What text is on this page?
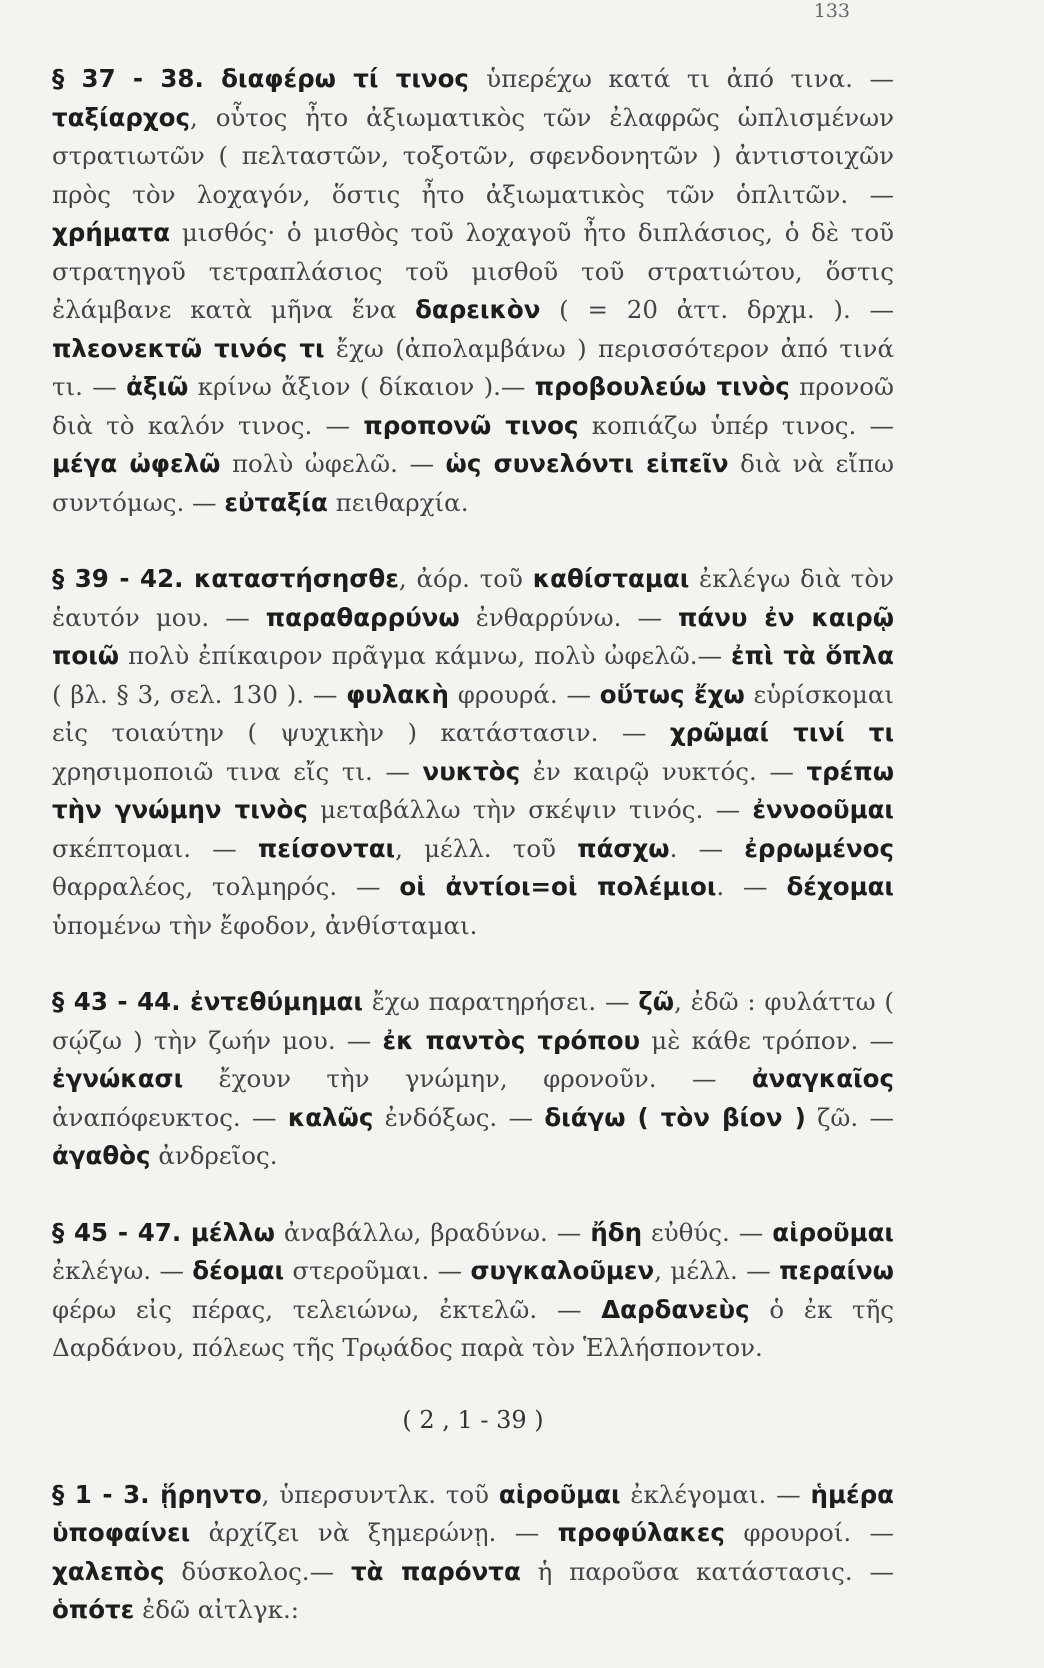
133

§ 37 - 38. διαφέρω τί τινος ὑπερέχω κατά τι ἀπό τινα. — ταξίαρχος, οὗτος ἦτο ἀξιωματικὸς τῶν ἐλαφρῶς ὡπλισμένων στρατιωτῶν ( πελταστῶν, τοξοτῶν, σφενδονητῶν ) ἀντιστοιχῶν πρὸς τὸν λοχαγόν, ὅστις ἦτο ἀξιωματικὸς τῶν ὁπλιτῶν. — χρήματα μισθός· ὁ μισθὸς τοῦ λοχαγοῦ ἦτο διπλάσιος, ὁ δὲ τοῦ στρατηγοῦ τετραπλάσιος τοῦ μισθοῦ τοῦ στρατιώτου, ὅστις ἐλάμβανε κατὰ μῆνα ἕνα δαρεικὸν ( = 20 ἀττ. δρχμ. ). — πλεονεκτῶ τινός τι ἔχω (ἀπολαμβάνω ) περισσότερον ἀπό τινά τι. — ἀξιῶ κρίνω ἄξιον ( δίκαιον ).— προβουλεύω τινὸς προνοῶ διὰ τὸ καλόν τινος. — προπονῶ τινος κοπιάζω ὑπέρ τινος. — μέγα ὠφελῶ πολὺ ὠφελῶ. — ὡς συνελόντι εἰπεῖν διὰ νὰ εἴπω συντόμως. — εὐταξία πειθαρχία.

§ 39 - 42. καταστήσησθε, ἀόρ. τοῦ καθίσταμαι ἐκλέγω διὰ τὸν ἑαυτόν μου. — παραθαρρύνω ἐνθαρρύνω. — πάνυ ἐν καιρῷ ποιῶ πολὺ ἐπίκαιρον πρᾶγμα κάμνω, πολὺ ὠφελῶ.— ἐπὶ τὰ ὅπλα ( βλ. § 3, σελ. 130 ). — φυλακὴ φρουρά. — οὕτως ἔχω εὑρίσκομαι εἰς τοιαύτην ( ψυχικὴν ) κατάστασιν. — χρῶμαί τινί τι χρησιμοποιῶ τινα εἴς τι. — νυκτὸς ἐν καιρῷ νυκτός. — τρέπω τὴν γνώμην τινὸς μεταβάλλω τὴν σκέψιν τινός. — ἐννοοῦμαι σκέπτομαι. — πείσονται, μέλλ. τοῦ πάσχω. — ἐρρωμένος θαρραλέος, τολμηρός. — οἱ ἀντίοι=οἱ πολέμιοι. — δέχομαι ὑπομένω τὴν ἔφοδον, ἀνθίσταμαι.

§ 43 - 44. ἐντεθύμημαι ἔχω παρατηρήσει. — ζῶ, ἐδῶ : φυλάττω ( σῴζω ) τὴν ζωήν μου. — ἐκ παντὸς τρόπου μὲ κάθε τρόπον. — ἐγνώκασι ἔχουν τὴν γνώμην, φρονοῦν. — ἀναγκαῖος ἀναπόφευκτος. — καλῶς ἐνδόξως. — διάγω ( τὸν βίον ) ζῶ. — ἀγαθὸς ἀνδρεῖος.

§ 45 - 47. μέλλω ἀναβάλλω, βραδύνω. — ἤδη εὐθύς. — αἱροῦμαι ἐκλέγω. — δέομαι στεροῦμαι. — συγκαλοῦμεν, μέλλ. — περαίνω φέρω εἰς πέρας, τελειώνω, ἐκτελῶ. — Δαρδανεὺς ὁ ἐκ τῆς Δαρδάνου, πόλεως τῆς Τρῳάδος παρὰ τὸν Ἑλλήσποντον.

( 2 , 1 - 39 )

§ 1 - 3. ᾕρηντο, ὑπερσυντλκ. τοῦ αἱροῦμαι ἐκλέγομαι. — ἡμέρα ὑποφαίνει ἀρχίζει νὰ ξημερώνῃ. — προφύλακες φρουροί. — χαλεπὸς δύσκολος.— τὰ παρόντα ἡ παροῦσα κατάστασις. — ὁπότε ἐδῶ αἰτλγκ.:
